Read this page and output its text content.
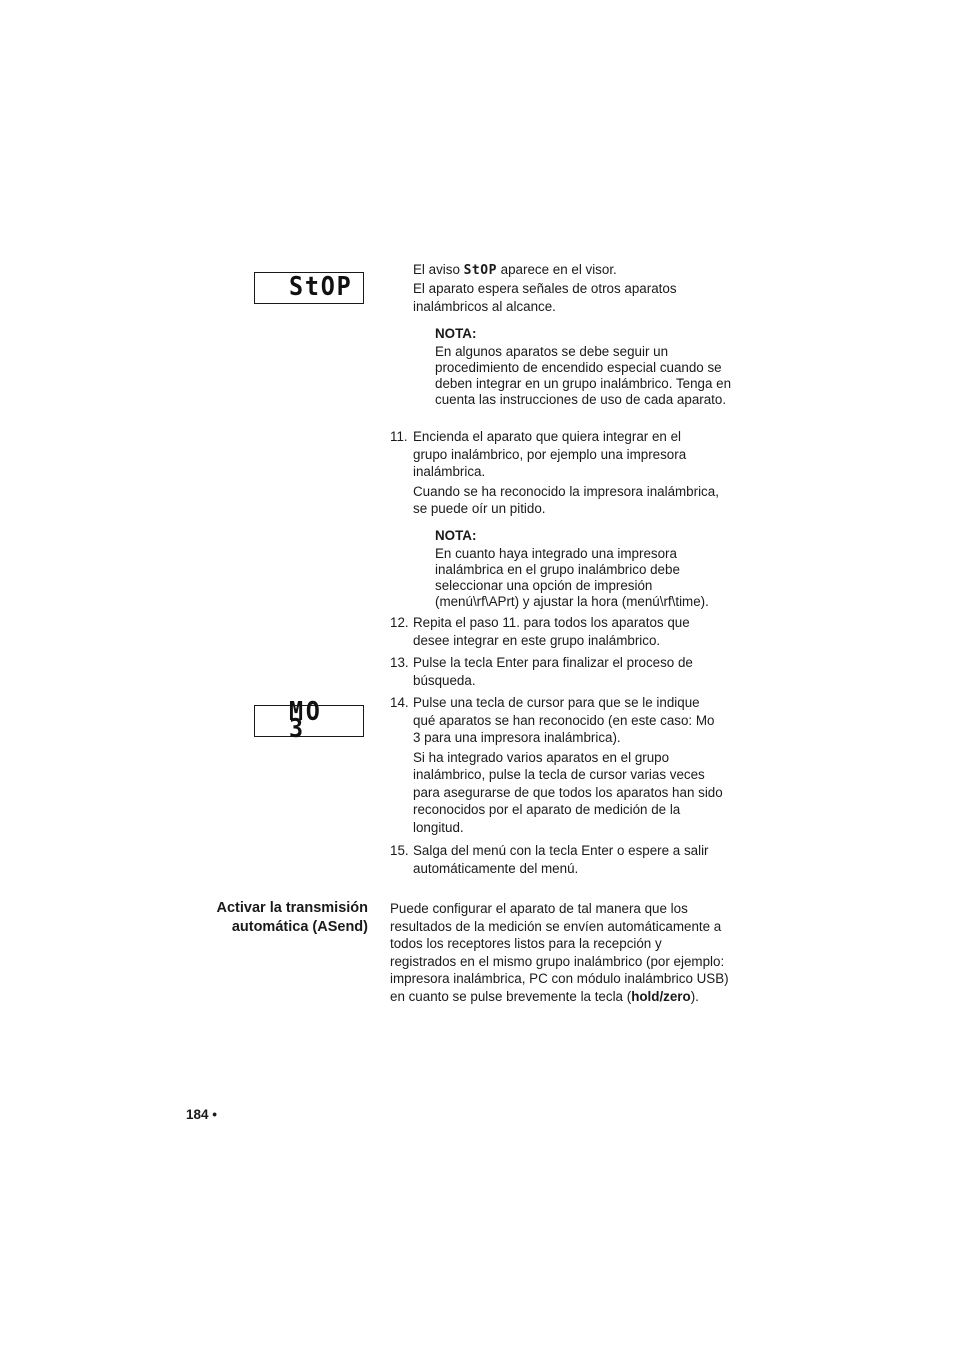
StOP

El aviso StOP aparece en el visor.

El aparato espera señales de otros aparatos inalámbricos al alcance.

NOTA:
En algunos aparatos se debe seguir un procedimiento de encendido especial cuando se deben integrar en un grupo inalámbrico. Tenga en cuenta las instrucciones de uso de cada aparato.
11. Encienda el aparato que quiera integrar en el grupo inalámbrico, por ejemplo una impresora inalámbrica.

Cuando se ha reconocido la impresora inalámbrica, se puede oír un pitido.

NOTA:
En cuanto haya integrado una impresora inalámbrica en el grupo inalámbrico debe seleccionar una opción de impresión (menú\rf\APrt) y ajustar la hora (menú\rf\time).
12. Repita el paso 11. para todos los aparatos que desee integrar en este grupo inalámbrico.

13. Pulse la tecla Enter para finalizar el proceso de búsqueda.

MO 3
14. Pulse una tecla de cursor para que se le indique qué aparatos se han reconocido (en este caso: Mo 3 para una impresora inalámbrica).

Si ha integrado varios aparatos en el grupo inalámbrico, pulse la tecla de cursor varias veces para asegurarse de que todos los aparatos han sido reconocidos por el aparato de medición de la longitud.

15. Salga del menú con la tecla Enter o espere a salir automáticamente del menú.

Activar la transmisión
automática (ASend)

Puede configurar el aparato de tal manera que los resultados de la medición se envíen automáticamente a todos los receptores listos para la recepción y registrados en el mismo grupo inalámbrico (por ejemplo: impresora inalámbrica, PC con módulo inalámbrico USB) en cuanto se pulse brevemente la tecla (hold/zero).

184 •
